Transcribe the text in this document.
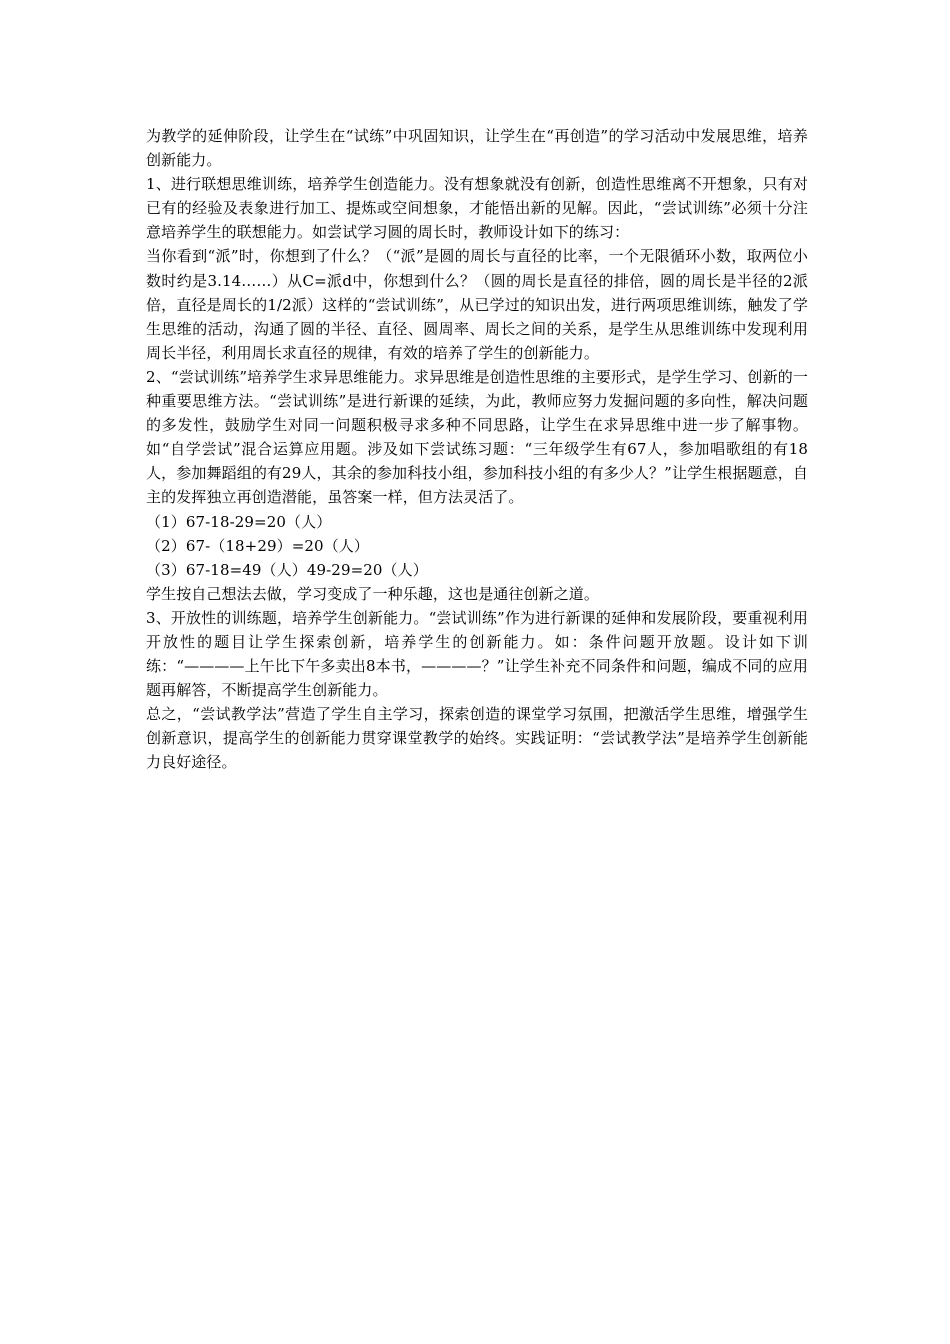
为教学的延伸阶段，让学生在“试练”中巩固知识，让学生在“再创造”的学习活动中发展思维，培养创新能力。

1、进行联想思维训练，培养学生创造能力。没有想象就没有创新，创造性思维离不开想象，只有对已有的经验及表象进行加工、提炼或空间想象，才能悟出新的见解。因此，“尝试训练”必须十分注意培养学生的联想能力。如尝试学习圆的周长时，教师设计如下的练习：

当你看到“派”时，你想到了什么？（“派”是圆的周长与直径的比率，一个无限循环小数，取两位小数时约是3.14……）从C=派d中，你想到什么？（圆的周长是直径的排倍，圆的周长是半径的2派倍，直径是周长的1/2派）这样的“尝试训练”，从已学过的知识出发，进行两项思维训练，触发了学生思维的活动，沟通了圆的半径、直径、圆周率、周长之间的关系，是学生从思维训练中发现利用周长半径，利用周长求直径的规律，有效的培养了学生的创新能力。

2、“尝试训练”培养学生求异思维能力。求异思维是创造性思维的主要形式，是学生学习、创新的一种重要思维方法。“尝试训练”是进行新课的延续，为此，教师应努力发掘问题的多向性，解决问题的多发性，鼓励学生对同一问题积极寻求多种不同思路，让学生在求异思维中进一步了解事物。如“自学尝试”混合运算应用题。涉及如下尝试练习题：“三年级学生有67人，参加唱歌组的有18人，参加舞蹈组的有29人，其余的参加科技小组，参加科技小组的有多少人？”让学生根据题意，自主的发挥独立再创造潜能，虽答案一样，但方法灵活了。

（1）67-18-29=20（人）

（2）67-（18+29）=20（人）

（3）67-18=49（人）49-29=20（人）

学生按自己想法去做，学习变成了一种乐趣，这也是通往创新之道。

3、开放性的训练题，培养学生创新能力。“尝试训练”作为进行新课的延伸和发展阶段，要重视利用开放性的题目让学生探索创新，培养学生的创新能力。如：条件问题开放题。设计如下训练：“————上午比下午多卖出8本书，————？”让学生补充不同条件和问题，编成不同的应用题再解答，不断提高学生创新能力。

总之，“尝试教学法”营造了学生自主学习，探索创造的课堂学习氛围，把激活学生思维，增强学生创新意识，提高学生的创新能力贯穿课堂教学的始终。实践证明：“尝试教学法”是培养学生创新能力良好途径。
